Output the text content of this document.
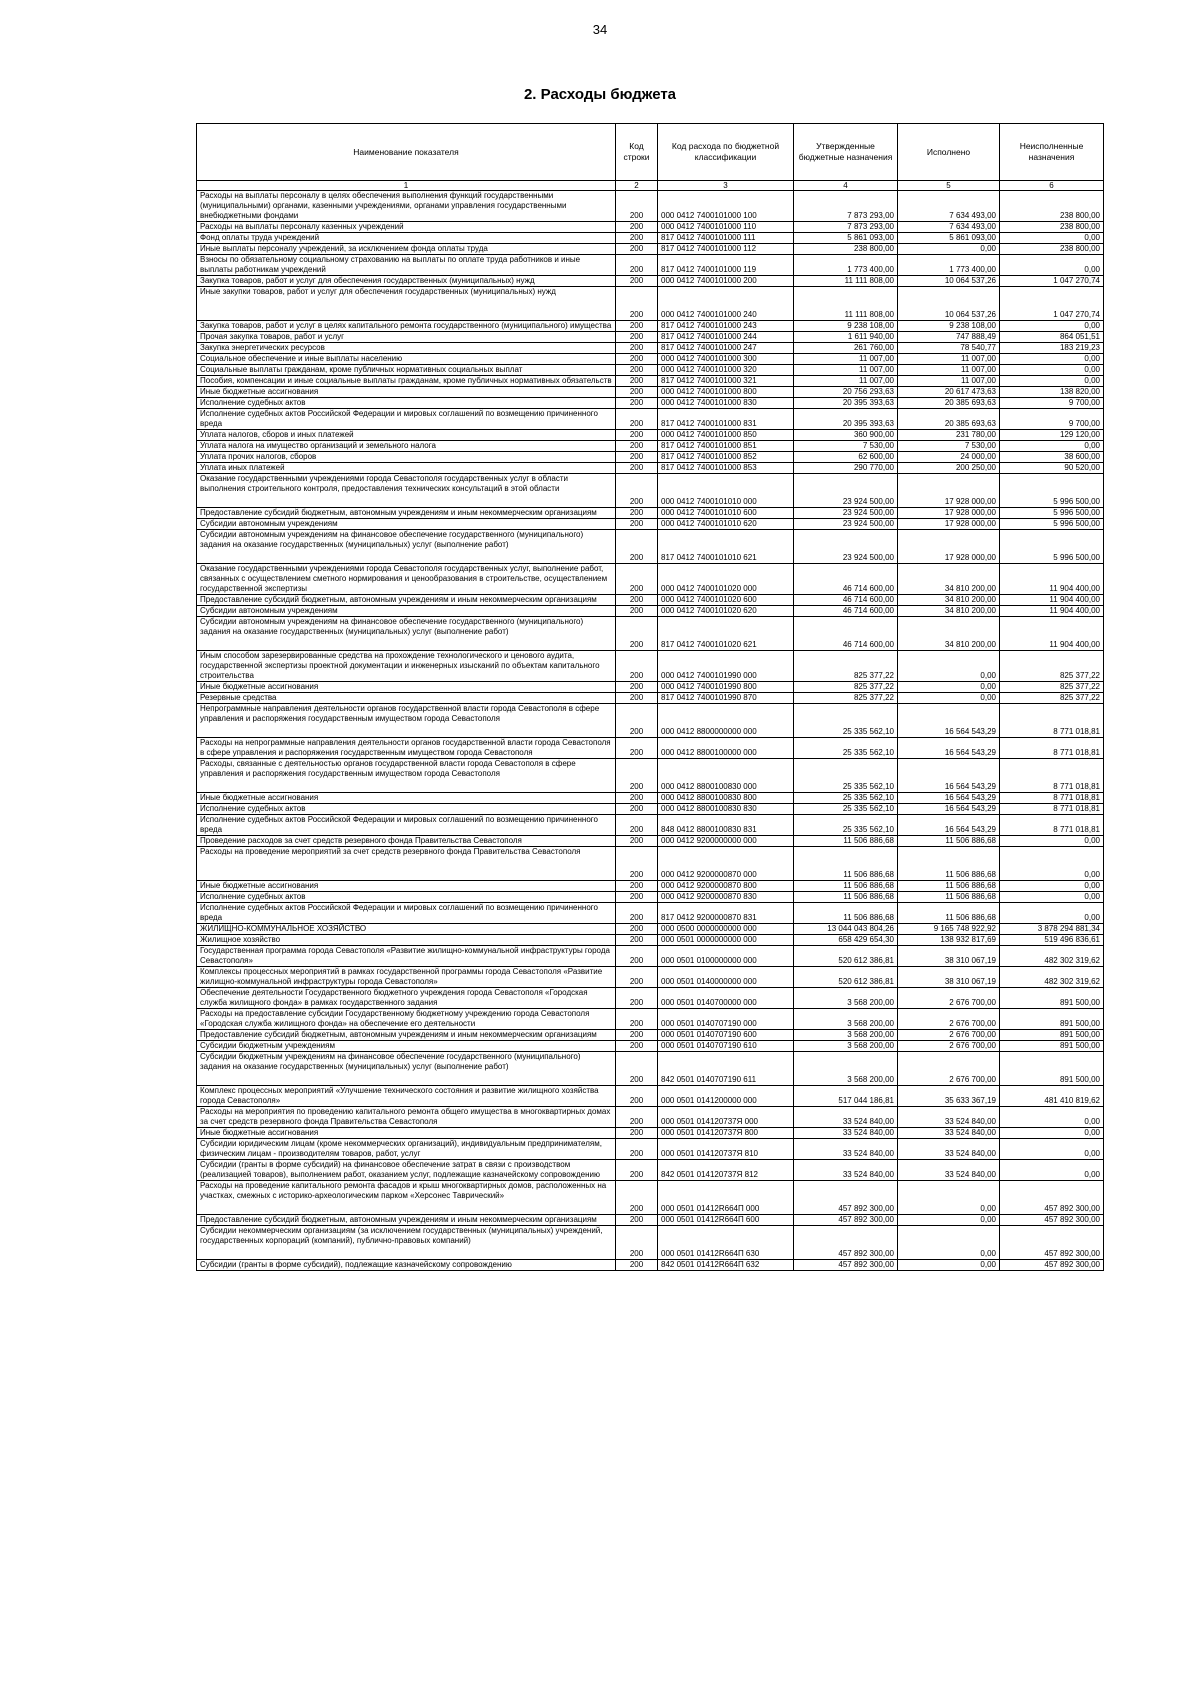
34
2. Расходы бюджета
Наименование показателя	Код строки	Код расхода по бюджетной классификации	Утвержденные бюджетные назначения	Исполнено	Неисполненные назначения
1	2	3	4	5	6
Расходы на выплаты персоналу в целях обеспечения выполнения функций государственными (муниципальными) органами, казенными учреждениями, органами управления государственными внебюджетными фондами	200	000 0412 7400101000 100	7 873 293,00	7 634 493,00	238 800,00
Расходы на выплаты персоналу казенных учреждений	200	000 0412 7400101000 110	7 873 293,00	7 634 493,00	238 800,00
Фонд оплаты труда учреждений	200	817 0412 7400101000 111	5 861 093,00	5 861 093,00	0,00
Иные выплаты персоналу учреждений, за исключением фонда оплаты труда	200	817 0412 7400101000 112	238 800,00	0,00	238 800,00
Взносы по обязательному социальному страхованию на выплаты по оплате труда работников и иные выплаты работникам учреждений	200	817 0412 7400101000 119	1 773 400,00	1 773 400,00	0,00
Закупка товаров, работ и услуг для обеспечения государственных (муниципальных) нужд	200	000 0412 7400101000 200	11 111 808,00	10 064 537,26	1 047 270,74
Иные закупки товаров, работ и услуг для обеспечения государственных (муниципальных) нужд	200	000 0412 7400101000 240	11 111 808,00	10 064 537,26	1 047 270,74
Закупка товаров, работ и услуг в целях капитального ремонта государственного (муниципального) имущества	200	817 0412 7400101000 243	9 238 108,00	9 238 108,00	0,00
Прочая закупка товаров, работ и услуг	200	817 0412 7400101000 244	1 611 940,00	747 888,49	864 051,51
Закупка энергетических ресурсов	200	817 0412 7400101000 247	261 760,00	78 540,77	183 219,23
Социальное обеспечение и иные выплаты населению	200	000 0412 7400101000 300	11 007,00	11 007,00	0,00
Социальные выплаты гражданам, кроме публичных нормативных социальных выплат	200	000 0412 7400101000 320	11 007,00	11 007,00	0,00
Пособия, компенсации и иные социальные выплаты гражданам, кроме публичных нормативных обязательств	200	817 0412 7400101000 321	11 007,00	11 007,00	0,00
Иные бюджетные ассигнования	200	000 0412 7400101000 800	20 756 293,63	20 617 473,63	138 820,00
Исполнение судебных актов	200	000 0412 7400101000 830	20 395 393,63	20 385 693,63	9 700,00
Исполнение судебных актов Российской Федерации и мировых соглашений по возмещению причиненного вреда	200	817 0412 7400101000 831	20 395 393,63	20 385 693,63	9 700,00
Уплата налогов, сборов и иных платежей	200	000 0412 7400101000 850	360 900,00	231 780,00	129 120,00
Уплата налога на имущество организаций и земельного налога	200	817 0412 7400101000 851	7 530,00	7 530,00	0,00
Уплата прочих налогов, сборов	200	817 0412 7400101000 852	62 600,00	24 000,00	38 600,00
Уплата иных платежей	200	817 0412 7400101000 853	290 770,00	200 250,00	90 520,00
Оказание государственными учреждениями города Севастополя государственных услуг в области выполнения строительного контроля, предоставления технических консультаций в этой области	200	000 0412 7400101010 000	23 924 500,00	17 928 000,00	5 996 500,00
Предоставление субсидий бюджетным, автономным учреждениям и иным некоммерческим организациям	200	000 0412 7400101010 600	23 924 500,00	17 928 000,00	5 996 500,00
Субсидии автономным учреждениям	200	000 0412 7400101010 620	23 924 500,00	17 928 000,00	5 996 500,00
Субсидии автономным учреждениям на финансовое обеспечение государственного (муниципального) задания на оказание государственных (муниципальных) услуг (выполнение работ)	200	817 0412 7400101010 621	23 924 500,00	17 928 000,00	5 996 500,00
Оказание государственными учреждениями города Севастополя государственных услуг, выполнение работ, связанных с осуществлением сметного нормирования и ценообразования в строительстве, осуществлением государственной экспертизы	200	000 0412 7400101020 000	46 714 600,00	34 810 200,00	11 904 400,00
Предоставление субсидий бюджетным, автономным учреждениям и иным некоммерческим организациям	200	000 0412 7400101020 600	46 714 600,00	34 810 200,00	11 904 400,00
Субсидии автономным учреждениям	200	000 0412 7400101020 620	46 714 600,00	34 810 200,00	11 904 400,00
Субсидии автономным учреждениям на финансовое обеспечение государственного (муниципального) задания на оказание государственных (муниципальных) услуг (выполнение работ)	200	817 0412 7400101020 621	46 714 600,00	34 810 200,00	11 904 400,00
Иным способом зарезервированные средства на прохождение технологического и ценового аудита, государственной экспертизы проектной документации и инженерных изысканий по объектам капитального строительства	200	000 0412 7400101990 000	825 377,22	0,00	825 377,22
Иные бюджетные ассигнования	200	000 0412 7400101990 800	825 377,22	0,00	825 377,22
Резервные средства	200	817 0412 7400101990 870	825 377,22	0,00	825 377,22
Непрограммные направления деятельности органов государственной власти города Севастополя в сфере управления и распоряжения государственным имуществом города Севастополя	200	000 0412 8800000000 000	25 335 562,10	16 564 543,29	8 771 018,81
Расходы на непрограммные направления деятельности органов государственной власти города Севастополя в сфере управления и распоряжения государственным имуществом города Севастополя	200	000 0412 8800100000 000	25 335 562,10	16 564 543,29	8 771 018,81
Расходы, связанные с деятельностью органов государственной власти города Севастополя в сфере управления и распоряжения государственным имуществом города Севастополя	200	000 0412 8800100830 000	25 335 562,10	16 564 543,29	8 771 018,81
Иные бюджетные ассигнования	200	000 0412 8800100830 800	25 335 562,10	16 564 543,29	8 771 018,81
Исполнение судебных актов	200	000 0412 8800100830 830	25 335 562,10	16 564 543,29	8 771 018,81
Исполнение судебных актов Российской Федерации и мировых соглашений по возмещению причиненного вреда	200	848 0412 8800100830 831	25 335 562,10	16 564 543,29	8 771 018,81
Проведение расходов за счет средств резервного фонда Правительства Севастополя	200	000 0412 9200000000 000	11 506 886,68	11 506 886,68	0,00
Расходы на проведение мероприятий за счет средств резервного фонда Правительства Севастополя	200	000 0412 9200000870 000	11 506 886,68	11 506 886,68	0,00
Иные бюджетные ассигнования	200	000 0412 9200000870 800	11 506 886,68	11 506 886,68	0,00
Исполнение судебных актов	200	000 0412 9200000870 830	11 506 886,68	11 506 886,68	0,00
Исполнение судебных актов Российской Федерации и мировых соглашений по возмещению причиненного вреда	200	817 0412 9200000870 831	11 506 886,68	11 506 886,68	0,00
ЖИЛИЩНО-КОММУНАЛЬНОЕ ХОЗЯЙСТВО	200	000 0500 0000000000 000	13 044 043 804,26	9 165 748 922,92	3 878 294 881,34
Жилищное хозяйство	200	000 0501 0000000000 000	658 429 654,30	138 932 817,69	519 496 836,61
Государственная программа города Севастополя «Развитие жилищно-коммунальной инфраструктуры города Севастополя»	200	000 0501 0100000000 000	520 612 386,81	38 310 067,19	482 302 319,62
Комплексы процессных мероприятий в рамках государственной программы города Севастополя «Развитие жилищно-коммунальной инфраструктуры города Севастополя»	200	000 0501 0140000000 000	520 612 386,81	38 310 067,19	482 302 319,62
Обеспечение деятельности Государственного бюджетного учреждения города Севастополя «Городская служба жилищного фонда» в рамках государственного задания	200	000 0501 0140700000 000	3 568 200,00	2 676 700,00	891 500,00
Расходы на предоставление субсидии Государственному бюджетному учреждению города Севастополя «Городская служба жилищного фонда» на обеспечение его деятельности	200	000 0501 0140707190 000	3 568 200,00	2 676 700,00	891 500,00
Предоставление субсидий бюджетным, автономным учреждениям и иным некоммерческим организациям	200	000 0501 0140707190 600	3 568 200,00	2 676 700,00	891 500,00
Субсидии бюджетным учреждениям	200	000 0501 0140707190 610	3 568 200,00	2 676 700,00	891 500,00
Субсидии бюджетным учреждениям на финансовое обеспечение государственного (муниципального) задания на оказание государственных (муниципальных) услуг (выполнение работ)	200	842 0501 0140707190 611	3 568 200,00	2 676 700,00	891 500,00
Комплекс процессных мероприятий «Улучшение технического состояния и развитие жилищного хозяйства города Севастополя»	200	000 0501 0141200000 000	517 044 186,81	35 633 367,19	481 410 819,62
Расходы на мероприятия по проведению капитального ремонта общего имущества в многоквартирных домах за счет средств резервного фонда Правительства Севастополя	200	000 0501 014120737Я 000	33 524 840,00	33 524 840,00	0,00
Иные бюджетные ассигнования	200	000 0501 014120737Я 800	33 524 840,00	33 524 840,00	0,00
Субсидии юридическим лицам (кроме некоммерческих организаций), индивидуальным предпринимателям, физическим лицам - производителям товаров, работ, услуг	200	000 0501 014120737Я 810	33 524 840,00	33 524 840,00	0,00
Субсидии (гранты в форме субсидий) на финансовое обеспечение затрат в связи с производством (реализацией товаров), выполнением работ, оказанием услуг, подлежащие казначейскому сопровождению	200	842 0501 014120737Я 812	33 524 840,00	33 524 840,00	0,00
Расходы на проведение капитального ремонта фасадов и крыш многоквартирных домов, расположенных на участках, смежных с историко-археологическим парком «Херсонес Таврический»	200	000 0501 01412R664П 000	457 892 300,00	0,00	457 892 300,00
Предоставление субсидий бюджетным, автономным учреждениям и иным некоммерческим организациям	200	000 0501 01412R664П 600	457 892 300,00	0,00	457 892 300,00
Субсидии некоммерческим организациям (за исключением государственных (муниципальных) учреждений, государственных корпораций (компаний), публично-правовых компаний)	200	000 0501 01412R664П 630	457 892 300,00	0,00	457 892 300,00
Субсидии (гранты в форме субсидий), подлежащие казначейскому сопровождению	200	842 0501 01412R664П 632	457 892 300,00	0,00	457 892 300,00
